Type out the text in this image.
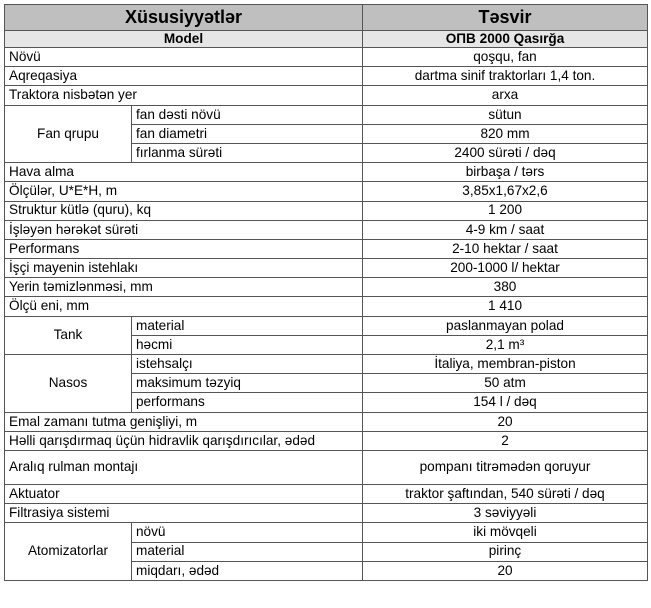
Xüsusiyyətlər		Təsvir
Model		ОПВ 2000 Qasırğa
Növü		qoşqu, fan
Aqreqasiya		dartma sinif traktorları 1,4 ton.
Traktora nisbətən yer		arxa
Fan qrupu	fan dəsti növü	sütun
	fan diametri	820 mm
	fırlanma sürəti	2400 sürəti / dəq
Hava alma		birbaşa / tərs
Ölçülər, U*E*H, m		3,85x1,67x2,6
Struktur kütlə (quru), kq		1 200
İşləyən hərəkət sürəti		4-9 km / saat
Performans		2-10 hektar / saat
İşçi mayenin istehlakı		200-1000 l/ hektar
Yerin təmizlənməsi, mm		380
Ölçü eni, mm		1 410
Tank	material	paslanmayan polad
	həcmi	2,1 m³
Nasos	istehsalçı	İtaliya, membran-piston
	maksimum təzyiq	50 atm
	performans	154 l / dəq
Emal zamanı tutma genişliyi, m		20
Həlli qarışdırmaq üçün hidravlik qarışdırıcılar, ədəd		2
Aralıq rulman montajı		pompanı titrəmədən qoruyur
Aktuator		traktor şaftından, 540 sürəti / dəq
Filtrasiya sistemi		3 səviyyəli
Atomizatorlar	növü	iki mövqeli
	material	pirinç
	miqdarı, ədəd	20
